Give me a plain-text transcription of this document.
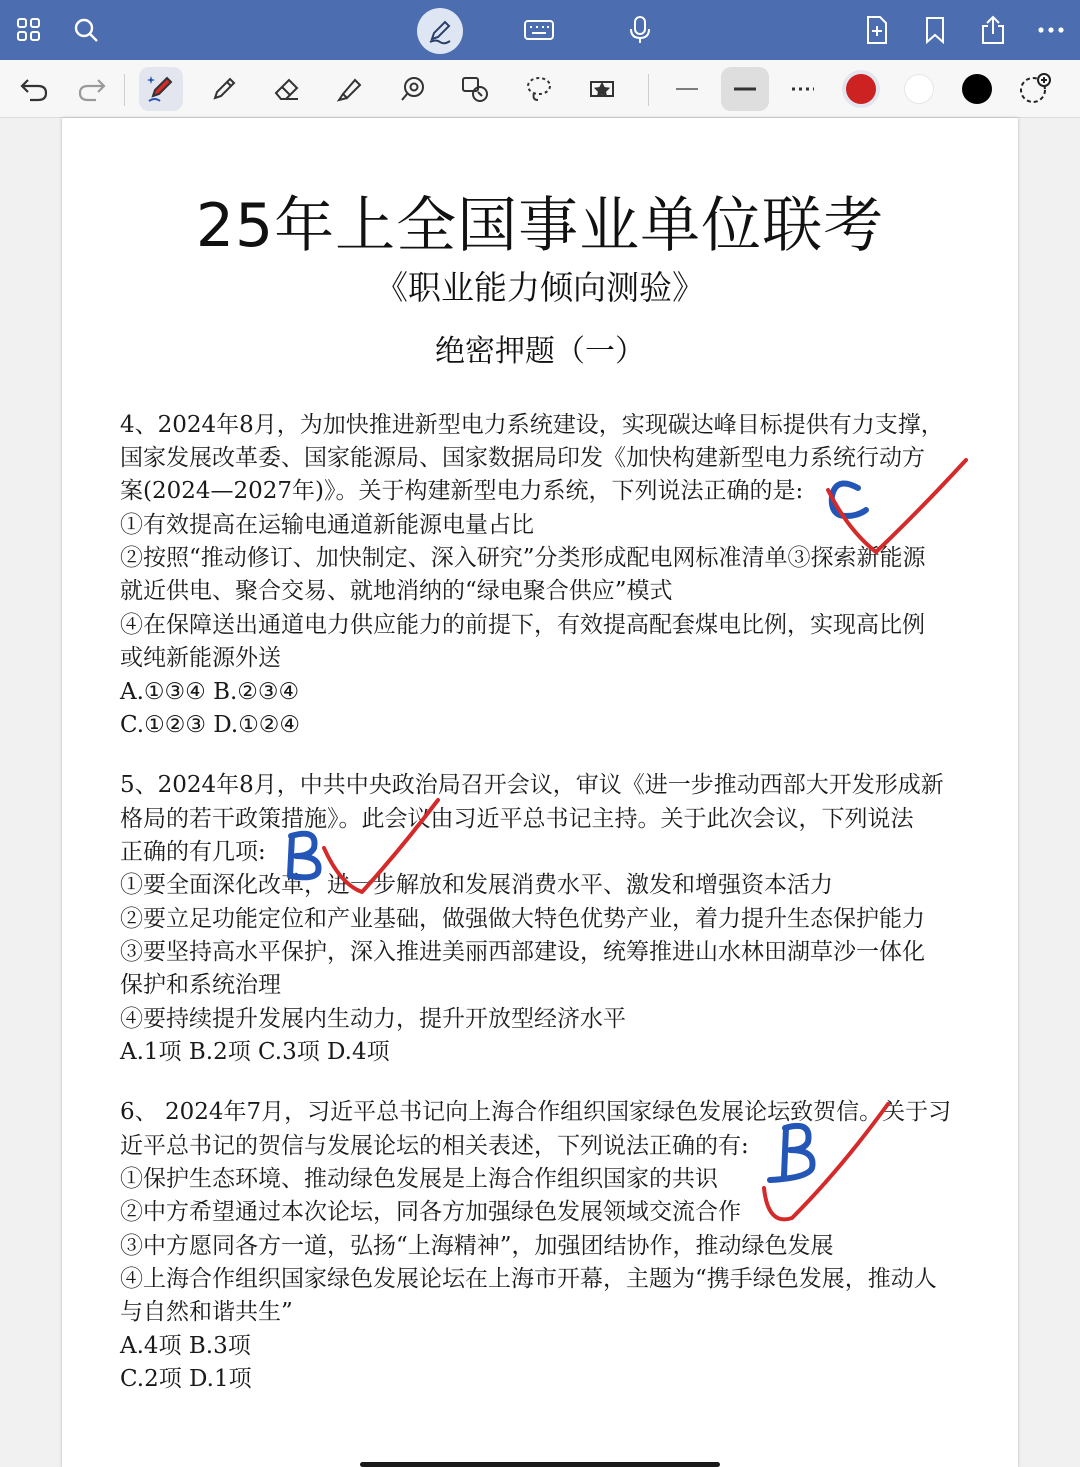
25年上全国事业单位联考
《职业能力倾向测验》
绝密押题（一）
4、2024年8月，为加快推进新型电力系统建设，实现碳达峰目标提供有力支撑，
国家发展改革委、国家能源局、国家数据局印发《加快构建新型电力系统行动方
案(2024—2027年)》。关于构建新型电力系统，下列说法正确的是:
①有效提高在运输电通道新能源电量占比
②按照“推动修订、加快制定、深入研究”分类形成配电网标准清单③探索新能源
就近供电、聚合交易、就地消纳的“绿电聚合供应”模式
④在保障送出通道电力供应能力的前提下，有效提高配套煤电比例，实现高比例
或纯新能源外送
A.①③④ B.②③④
C.①②③ D.①②④
5、2024年8月，中共中央政治局召开会议，审议《进一步推动西部大开发形成新
格局的若干政策措施》。此会议由习近平总书记主持。关于此次会议，下列说法
正确的有几项:
①要全面深化改革，进一步解放和发展消费水平、激发和增强资本活力
②要立足功能定位和产业基础，做强做大特色优势产业，着力提升生态保护能力
③要坚持高水平保护，深入推进美丽西部建设，统筹推进山水林田湖草沙一体化
保护和系统治理
④要持续提升发展内生动力，提升开放型经济水平
A.1项 B.2项 C.3项 D.4项
6、 2024年7月，习近平总书记向上海合作组织国家绿色发展论坛致贺信。关于习
近平总书记的贺信与发展论坛的相关表述，下列说法正确的有:
①保护生态环境、推动绿色发展是上海合作组织国家的共识
②中方希望通过本次论坛，同各方加强绿色发展领域交流合作
③中方愿同各方一道，弘扬“上海精神”，加强团结协作，推动绿色发展
④上海合作组织国家绿色发展论坛在上海市开幕，主题为“携手绿色发展，推动人
与自然和谐共生”
A.4项 B.3项
C.2项 D.1项
